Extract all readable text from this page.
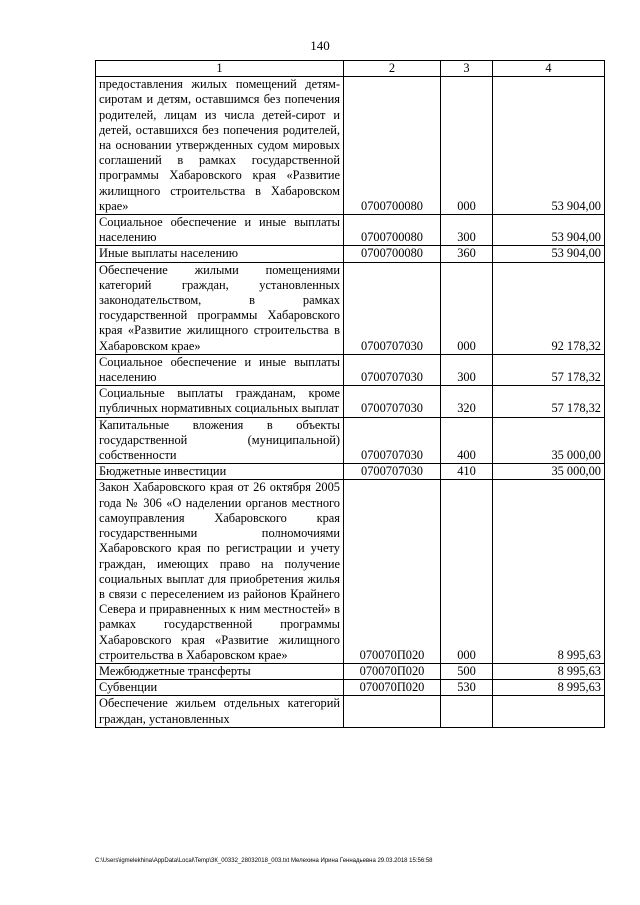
140
1	2	3	4
предоставления жилых помещений детям-сиротам и детям, оставшимся без попечения родителей, лицам из числа детей-сирот и детей, оставшихся без попечения родителей, на основании утвержденных судом мировых соглашений в рамках государственной программы Хабаровского края «Развитие жилищного строительства в Хабаровском крае»	0700700080	000	53 904,00
Социальное обеспечение и иные выплаты населению	0700700080	300	53 904,00
Иные выплаты населению	0700700080	360	53 904,00
Обеспечение жилыми помещениями категорий граждан, установленных законодательством, в рамках государственной программы Хабаровского края «Развитие жилищного строительства в Хабаровском крае»	0700707030	000	92 178,32
Социальное обеспечение и иные выплаты населению	0700707030	300	57 178,32
Социальные выплаты гражданам, кроме публичных нормативных социальных выплат	0700707030	320	57 178,32
Капитальные вложения в объекты государственной (муниципальной) собственности	0700707030	400	35 000,00
Бюджетные инвестиции	0700707030	410	35 000,00
Закон Хабаровского края от 26 октября 2005 года № 306 «О наделении органов местного самоуправления Хабаровского края государственными полномочиями Хабаровского края по регистрации и учету граждан, имеющих право на получение социальных выплат для приобретения жилья в связи с переселением из районов Крайнего Севера и приравненных к ним местностей» в рамках государственной программы Хабаровского края «Развитие жилищного строительства в Хабаровском крае»	070070П020	000	8 995,63
Межбюджетные трансферты	070070П020	500	8 995,63
Субвенции	070070П020	530	8 995,63
Обеспечение жильем отдельных категорий граждан, установленных			
C:\Users\igmelekhina\AppData\Local\Temp\3К_00332_28032018_003.txt Мелехина Ирина Геннадьевна 29.03.2018 15:56:58
